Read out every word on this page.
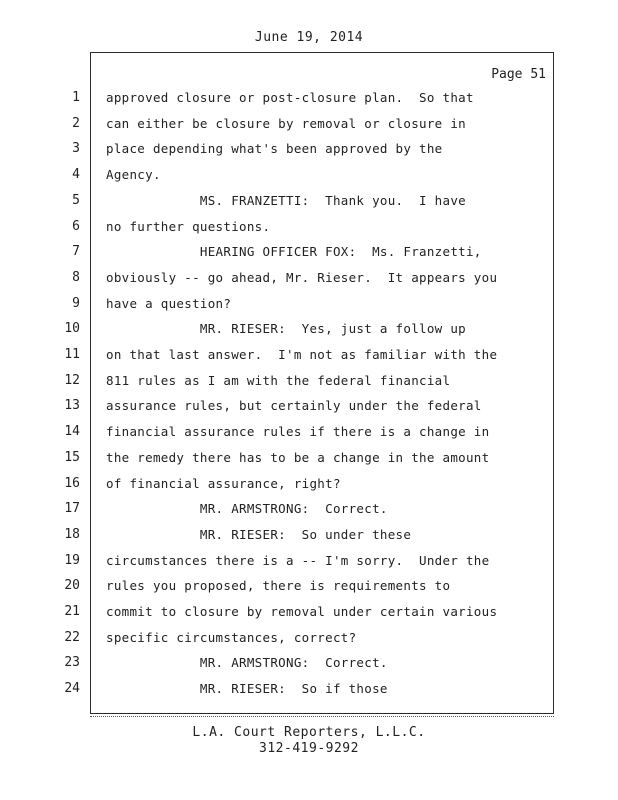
June 19, 2014
Page 51
1 approved closure or post-closure plan.  So that
2 can either be closure by removal or closure in
3 place depending what's been approved by the
4 Agency.
5 MS. FRANZETTI:  Thank you.  I have
6 no further questions.
7 HEARING OFFICER FOX:  Ms. Franzetti,
8 obviously -- go ahead, Mr. Rieser.  It appears you
9 have a question?
10 MR. RIESER:  Yes, just a follow up
11 on that last answer.  I'm not as familiar with the
12 811 rules as I am with the federal financial
13 assurance rules, but certainly under the federal
14 financial assurance rules if there is a change in
15 the remedy there has to be a change in the amount
16 of financial assurance, right?
17 MR. ARMSTRONG:  Correct.
18 MR. RIESER:  So under these
19 circumstances there is a -- I'm sorry.  Under the
20 rules you proposed, there is requirements to
21 commit to closure by removal under certain various
22 specific circumstances, correct?
23 MR. ARMSTRONG:  Correct.
24 MR. RIESER:  So if those
L.A. Court Reporters, L.L.C.
312-419-9292
